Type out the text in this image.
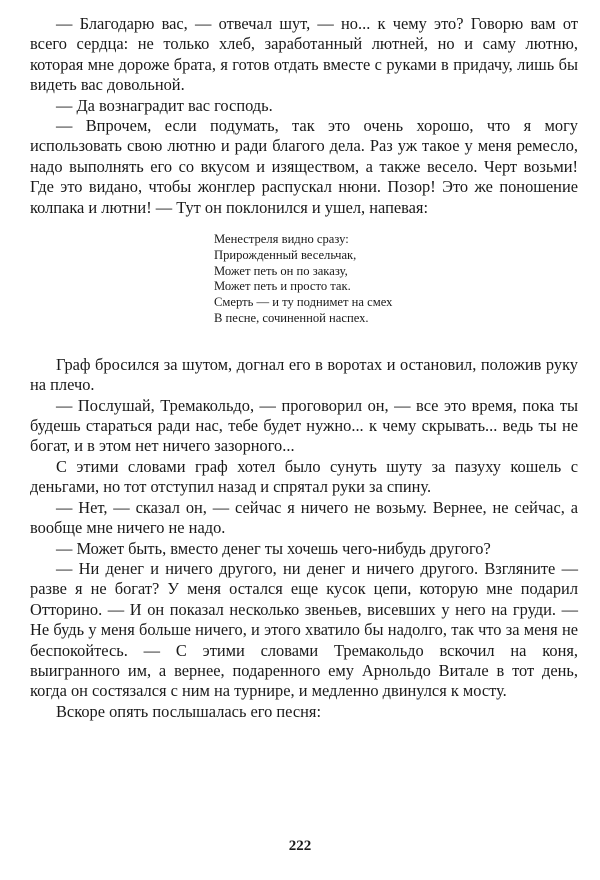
— Благодарю вас, — отвечал шут, — но... к чему это? Говорю вам от всего сердца: не только хлеб, заработанный лютней, но и саму лютню, которая мне дороже брата, я готов отдать вместе с руками в придачу, лишь бы видеть вас довольной.

— Да вознаградит вас господь.

— Впрочем, если подумать, так это очень хорошо, что я могу использовать свою лютню и ради благого дела. Раз уж такое у меня ремесло, надо выполнять его со вкусом и изяществом, а также весело. Черт возьми! Где это видано, чтобы жонглер распускал нюни. Позор! Это же поношение колпака и лютни! — Тут он поклонился и ушел, напевая:

Менестреля видно сразу:
Прирожденный весельчак,
Может петь он по заказу,
Может петь и просто так.
Смерть — и ту поднимет на смех
В песне, сочиненной наспех.

Граф бросился за шутом, догнал его в воротах и остановил, положив руку на плечо.

— Послушай, Тремакольдо, — проговорил он, — все это время, пока ты будешь стараться ради нас, тебе будет нужно... к чему скрывать... ведь ты не богат, и в этом нет ничего зазорного...

С этими словами граф хотел было сунуть шуту за пазуху кошель с деньгами, но тот отступил назад и спрятал руки за спину.

— Нет, — сказал он, — сейчас я ничего не возьму. Вернее, не сейчас, а вообще мне ничего не надо.

— Может быть, вместо денег ты хочешь чего-нибудь другого?

— Ни денег и ничего другого, ни денег и ничего другого. Взгляните — разве я не богат? У меня остался еще кусок цепи, которую мне подарил Отторино. — И он показал несколько звеньев, висевших у него на груди. — Не будь у меня больше ничего, и этого хватило бы надолго, так что за меня не беспокойтесь. — С этими словами Тремакольдо вскочил на коня, выигранного им, а вернее, подаренного ему Арнольдо Витале в тот день, когда он состязался с ним на турнире, и медленно двинулся к мосту.

Вскоре опять послышалась его песня:

222
